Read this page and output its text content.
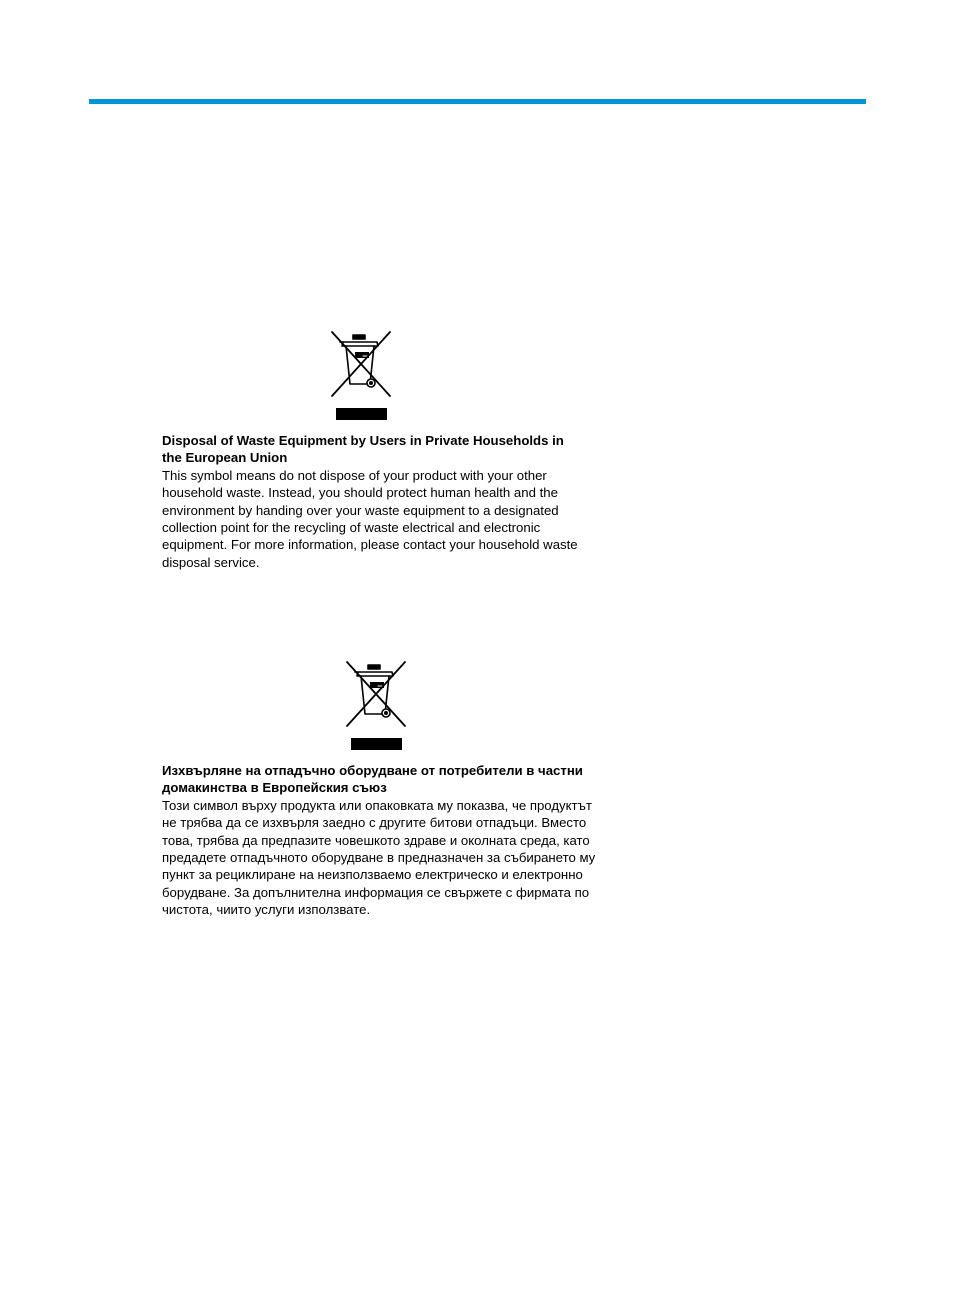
Disposal of Waste Equipment by Users in Private Households in the European Union

This symbol means do not dispose of your product with your other household waste. Instead, you should protect human health and the environment by handing over your waste equipment to a designated collection point for the recycling of waste electrical and electronic equipment. For more information, please contact your household waste disposal service.

Изхвърляне на отпадъчно оборудване от потребители в частни домакинства в Европейския съюз

Този символ върху продукта или опаковката му показва, че продуктът не трябва да се изхвърля заедно с другите битови отпадъци. Вместо това, трябва да предпазите човешкото здраве и околната среда, като предадете отпадъчното оборудване в предназначен за събирането му пункт за рециклиране на неизползваемо електрическо и електронно борудване. За допълнителна информация се свържете с фирмата по чистота, чиито услуги използвате.
